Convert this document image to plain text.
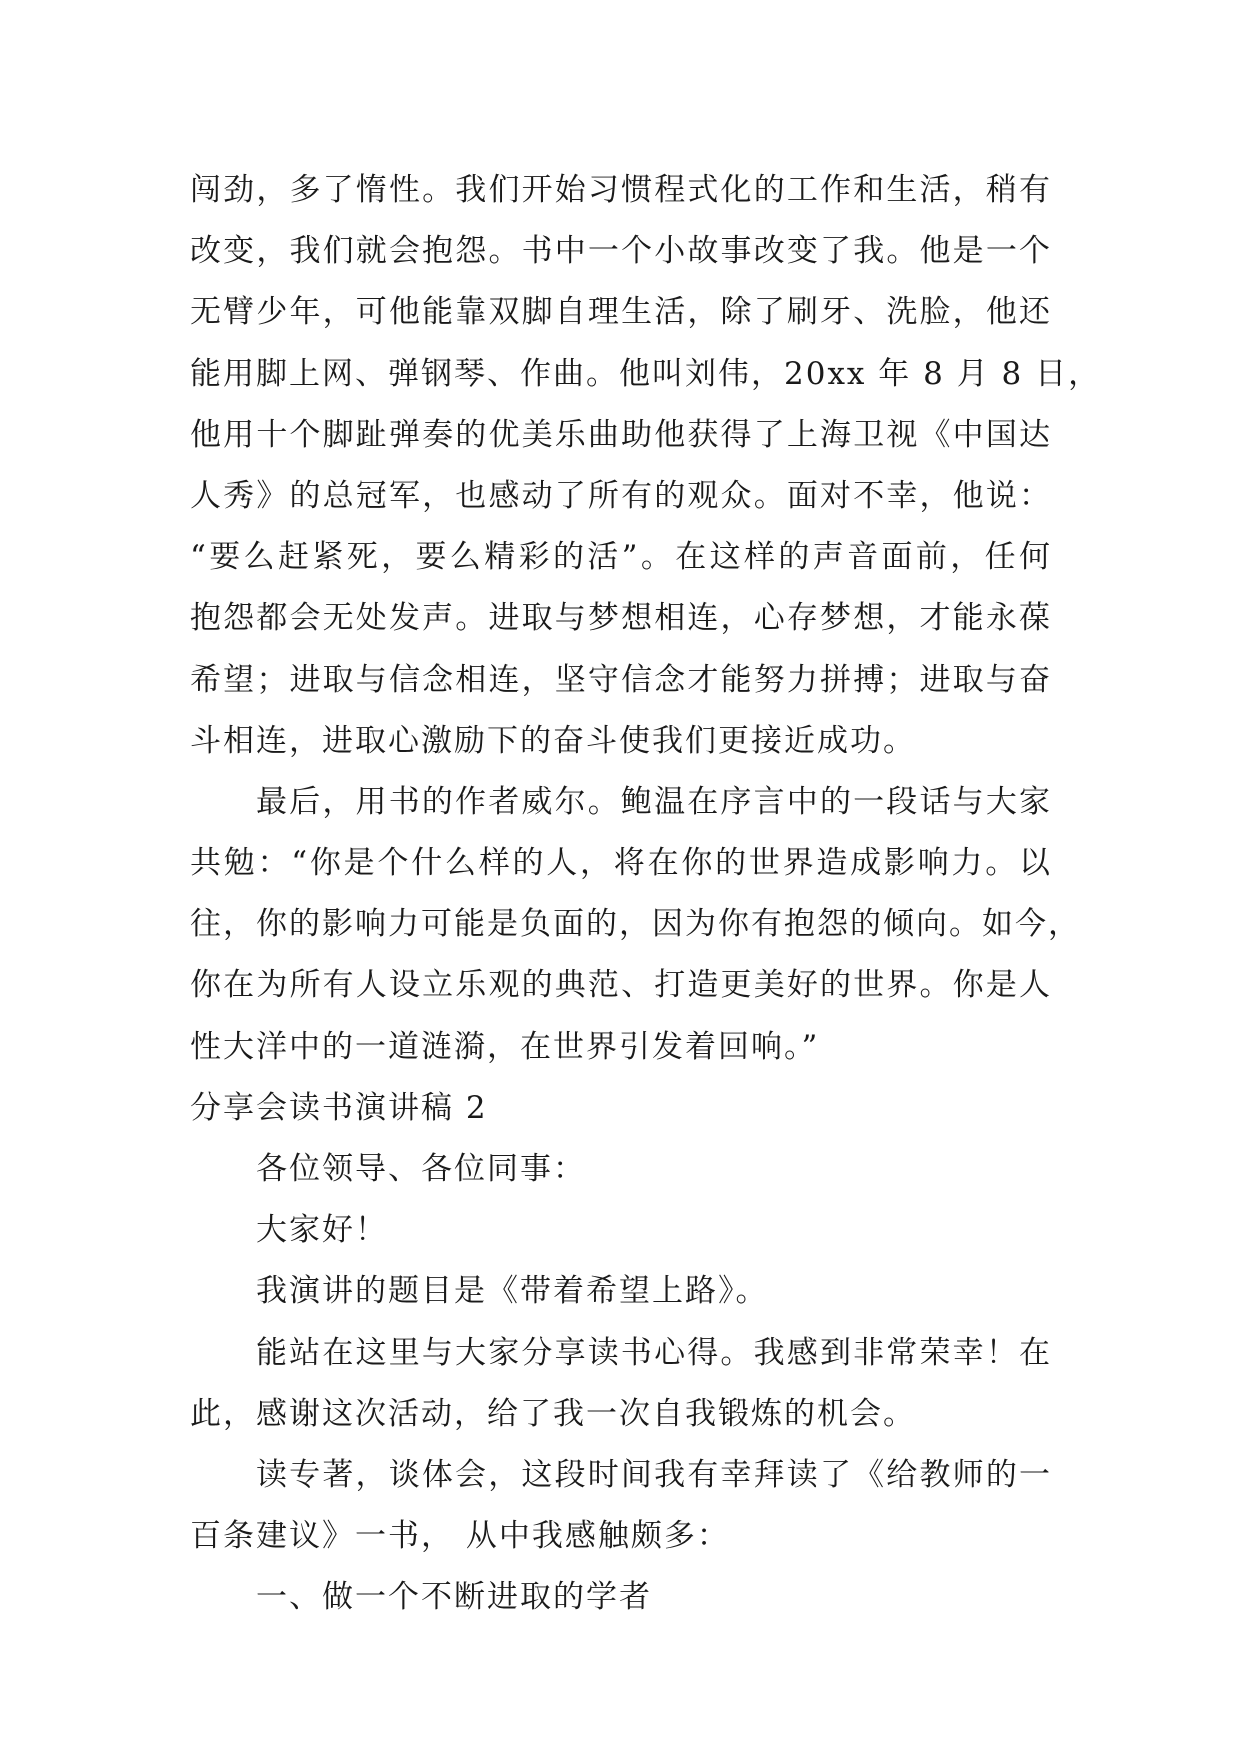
闯劲，多了惰性。我们开始习惯程式化的工作和生活，稍有
改变，我们就会抱怨。书中一个小故事改变了我。他是一个
无臂少年，可他能靠双脚自理生活，除了刷牙、洗脸，他还
能用脚上网、弹钢琴、作曲。他叫刘伟，20xx 年 8 月 8 日，
他用十个脚趾弹奏的优美乐曲助他获得了上海卫视《中国达
人秀》的总冠军，也感动了所有的观众。面对不幸，他说：
“要么赶紧死，要么精彩的活”。在这样的声音面前，任何
抱怨都会无处发声。进取与梦想相连，心存梦想，才能永葆
希望；进取与信念相连，坚守信念才能努力拼搏；进取与奋
斗相连，进取心激励下的奋斗使我们更接近成功。
最后，用书的作者威尔。鲍温在序言中的一段话与大家
共勉：“你是个什么样的人，将在你的世界造成影响力。以
往，你的影响力可能是负面的，因为你有抱怨的倾向。如今，
你在为所有人设立乐观的典范、打造更美好的世界。你是人
性大洋中的一道涟漪，在世界引发着回响。”
分享会读书演讲稿 2
各位领导、各位同事：
大家好！
我演讲的题目是《带着希望上路》。
能站在这里与大家分享读书心得。我感到非常荣幸！在
此，感谢这次活动，给了我一次自我锻炼的机会。
读专著，谈体会，这段时间我有幸拜读了《给教师的一
百条建议》一书， 从中我感触颇多：
一、做一个不断进取的学者
